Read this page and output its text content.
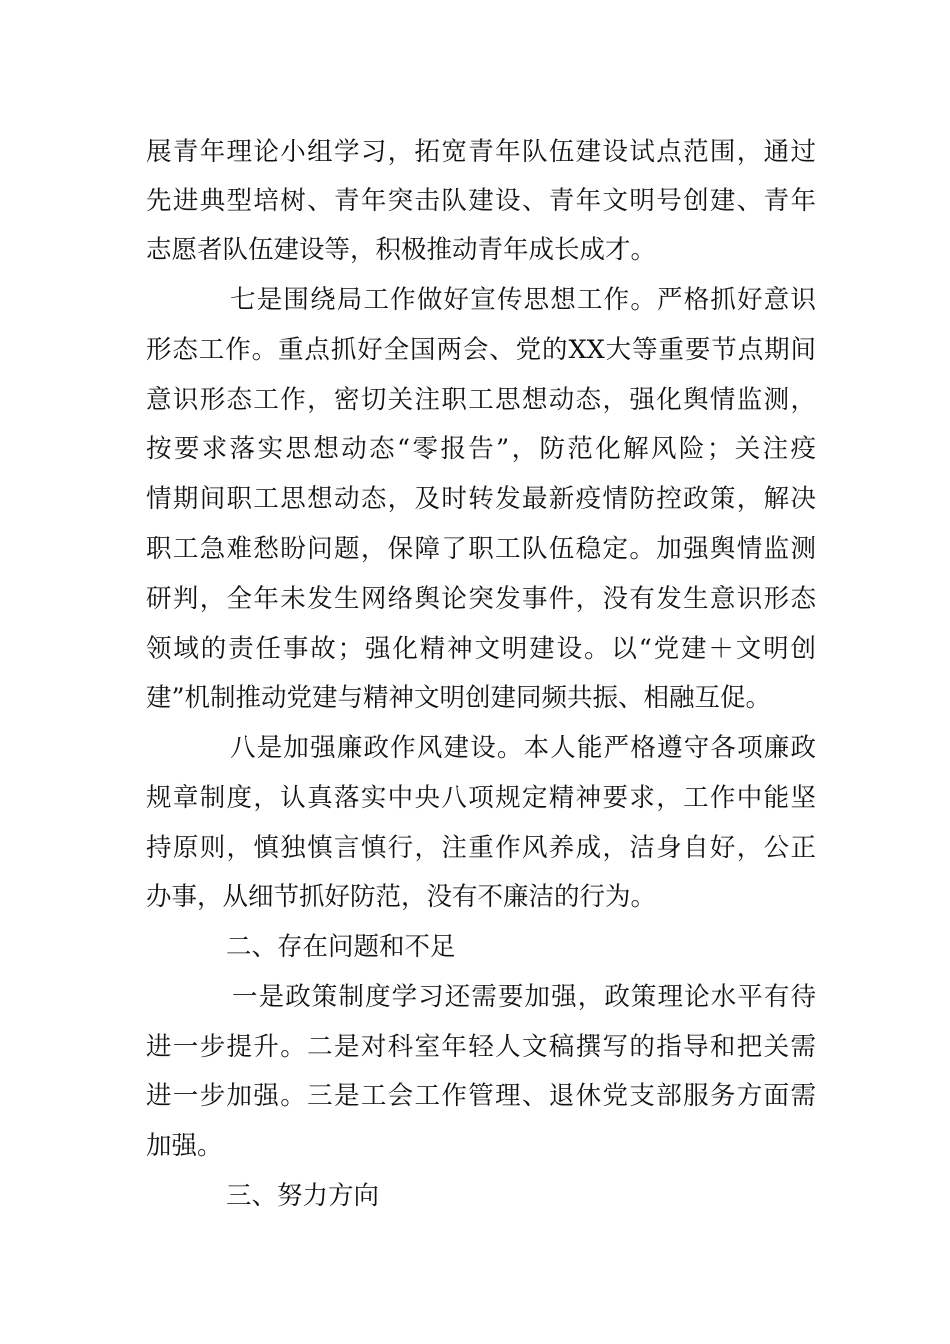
展青年理论小组学习，拓宽青年队伍建设试点范围，通过
先进典型培树、青年突击队建设、青年文明号创建、青年
志愿者队伍建设等，积极推动青年成长成才。
七是围绕局工作做好宣传思想工作。严格抓好意识
形态工作。重点抓好全国两会、党的XX大等重要节点期间
意识形态工作，密切关注职工思想动态，强化舆情监测，
按要求落实思想动态“零报告”，防范化解风险；关注疫
情期间职工思想动态，及时转发最新疫情防控政策，解决
职工急难愁盼问题，保障了职工队伍稳定。加强舆情监测
研判，全年未发生网络舆论突发事件，没有发生意识形态
领域的责任事故；强化精神文明建设。以“党建＋文明创
建”机制推动党建与精神文明创建同频共振、相融互促。
八是加强廉政作风建设。本人能严格遵守各项廉政
规章制度，认真落实中央八项规定精神要求，工作中能坚
持原则，慎独慎言慎行，注重作风养成，洁身自好，公正
办事，从细节抓好防范，没有不廉洁的行为。
二、存在问题和不足
一是政策制度学习还需要加强，政策理论水平有待
进一步提升。二是对科室年轻人文稿撰写的指导和把关需
进一步加强。三是工会工作管理、退休党支部服务方面需
加强。
三、努力方向
